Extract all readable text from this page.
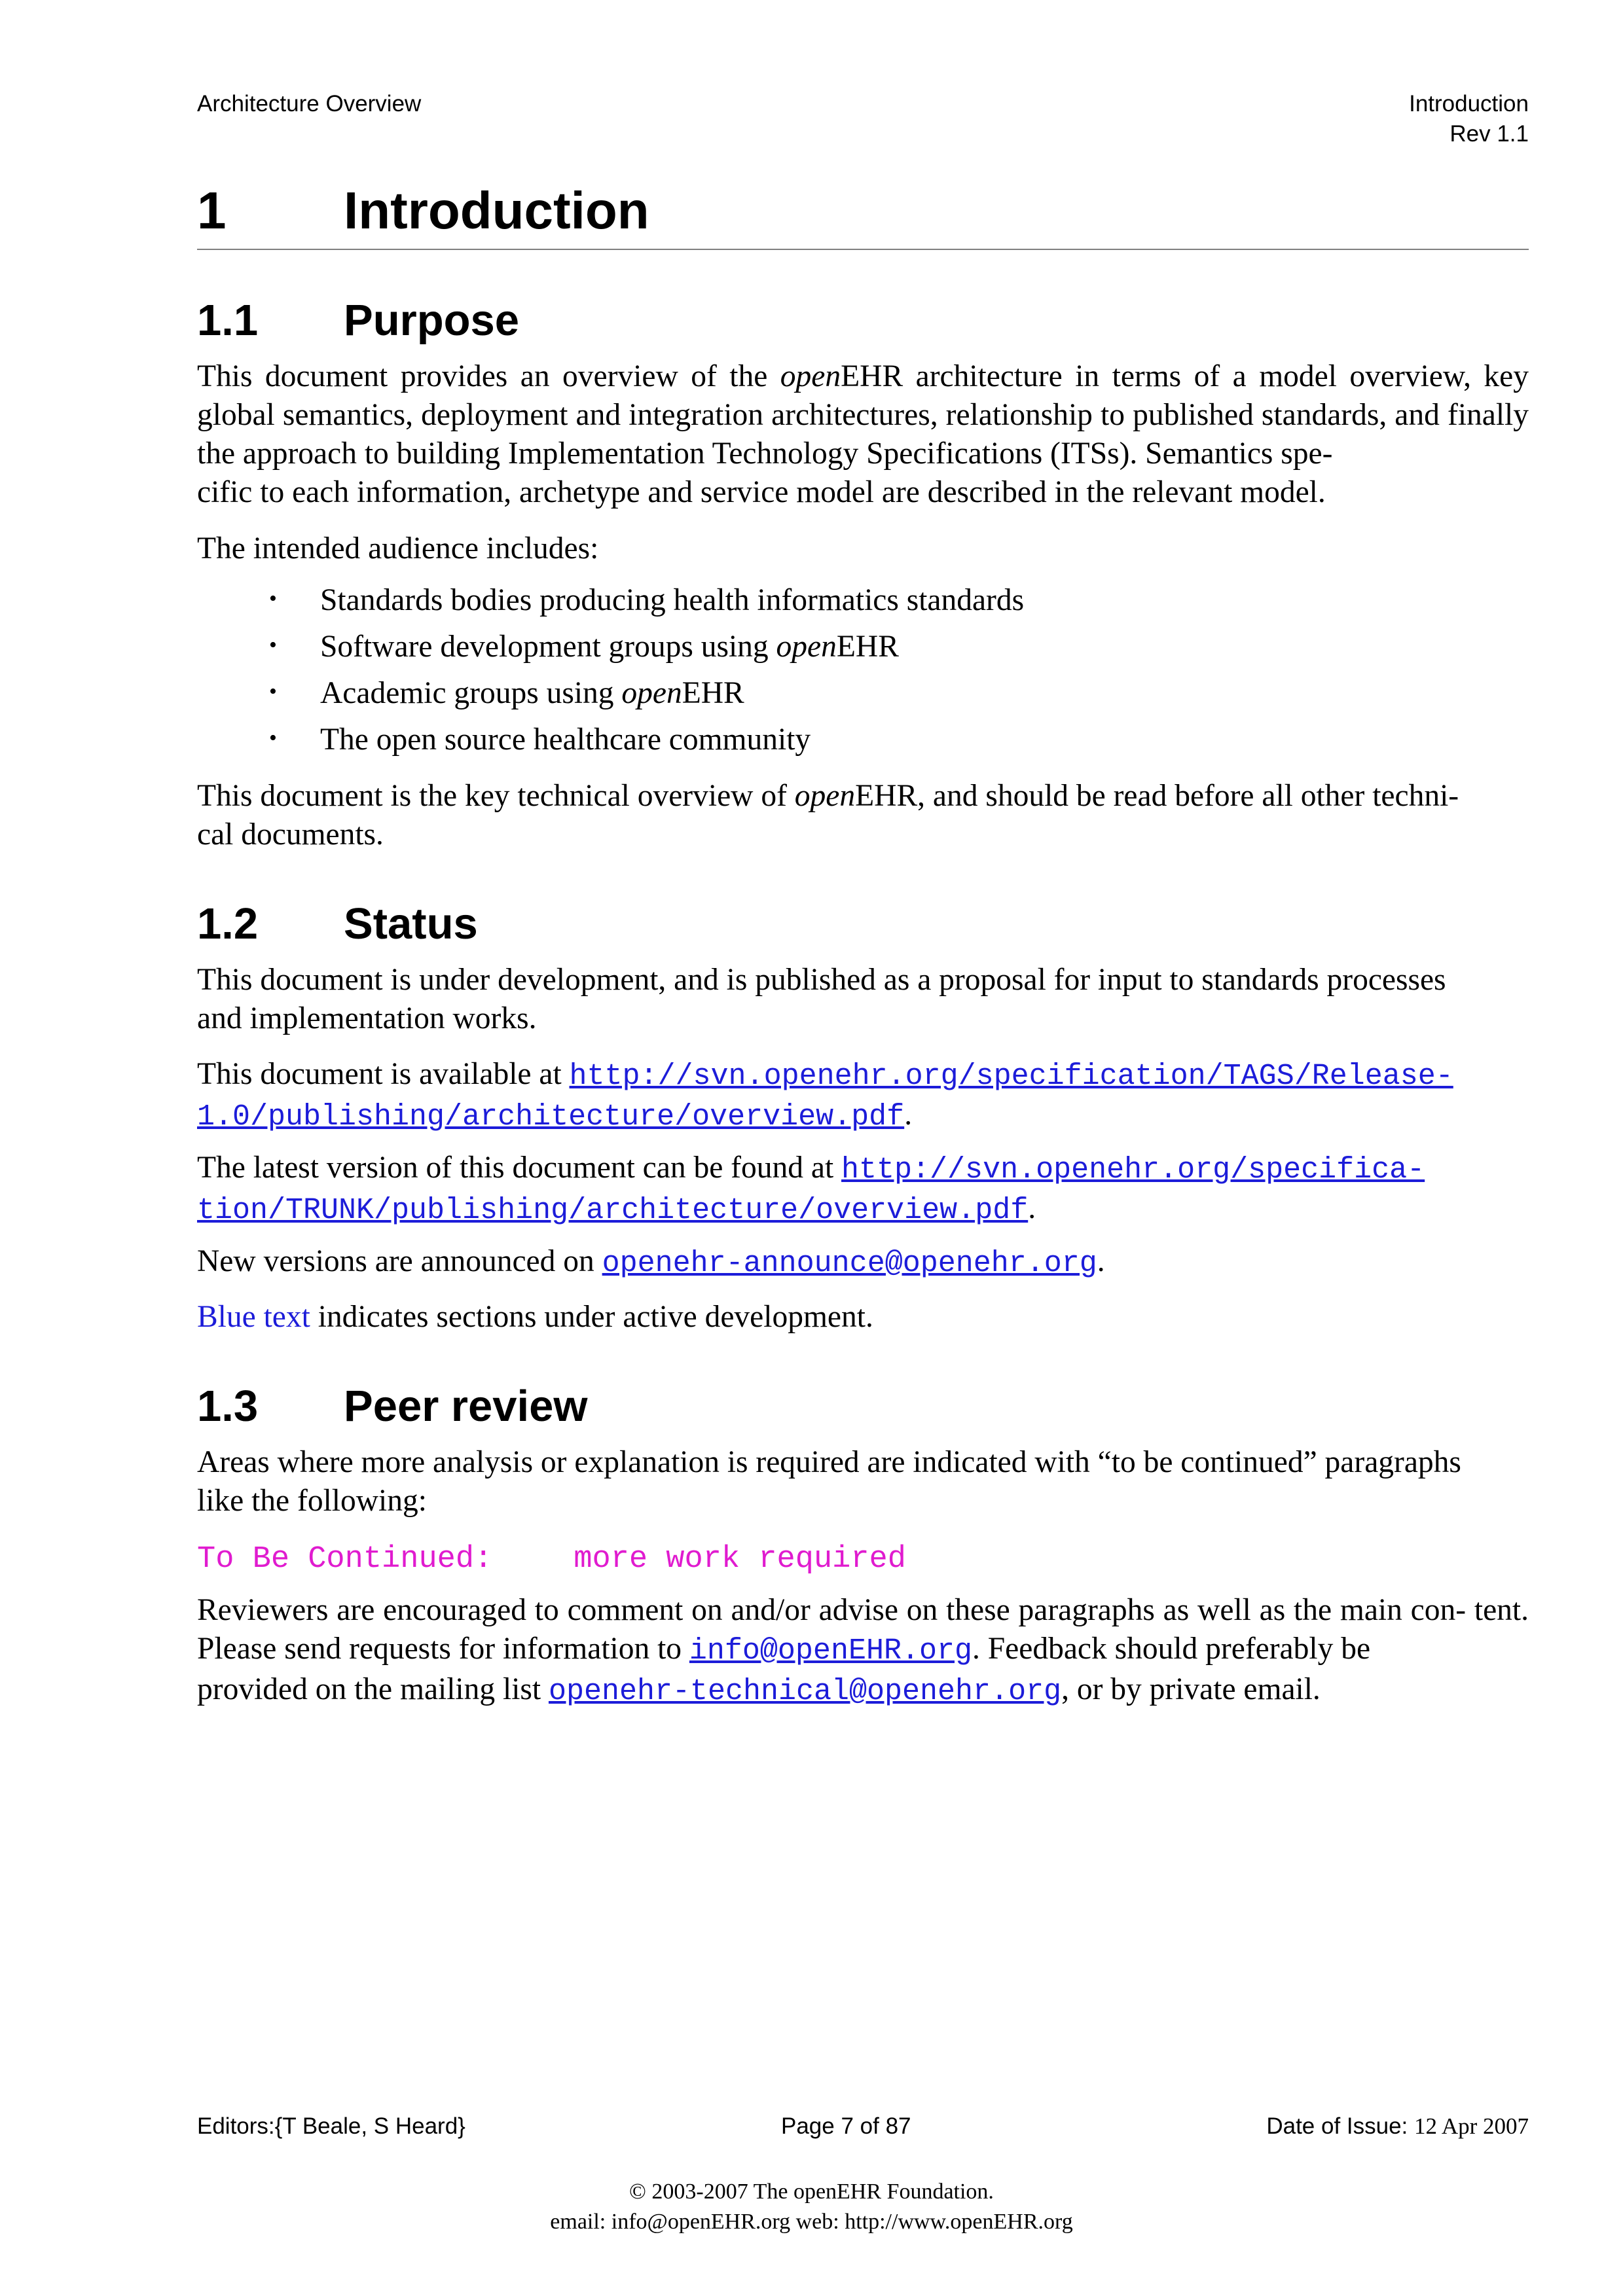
Architecture Overview	Introduction
Rev 1.1
1 Introduction
1.1 Purpose

This document provides an overview of the openEHR architecture in terms of a model overview, key global semantics, deployment and integration architectures, relationship to published standards, and finally the approach to building Implementation Technology Specifications (ITSs). Semantics spe-
cific to each information, archetype and service model are described in the relevant model.

The intended audience includes:

• Standards bodies producing health informatics standards
• Software development groups using openEHR
• Academic groups using openEHR
• The open source healthcare community

This document is the key technical overview of openEHR, and should be read before all other techni-
cal documents.

1.2 Status

This document is under development, and is published as a proposal for input to standards processes
and implementation works.

This document is available at http://svn.openehr.org/specification/TAGS/Release-
1.0/publishing/architecture/overview.pdf.

The latest version of this document can be found at http://svn.openehr.org/specifica-
tion/TRUNK/publishing/architecture/overview.pdf.

New versions are announced on openehr-announce@openehr.org.

Blue text indicates sections under active development.

1.3 Peer review

Areas where more analysis or explanation is required are indicated with “to be continued” paragraphs
like the following:

To Be Continued:	more work required

Reviewers are encouraged to comment on and/or advise on these paragraphs as well as the main con- tent. Please send requests for information to info@openEHR.org. Feedback should preferably be
provided on the mailing list openehr-technical@openehr.org, or by private email.

Editors:{T Beale, S Heard}	Page 7 of 87	Date of Issue: 12 Apr 2007
© 2003-2007 The openEHR Foundation.
email: info@openEHR.org web: http://www.openEHR.org
